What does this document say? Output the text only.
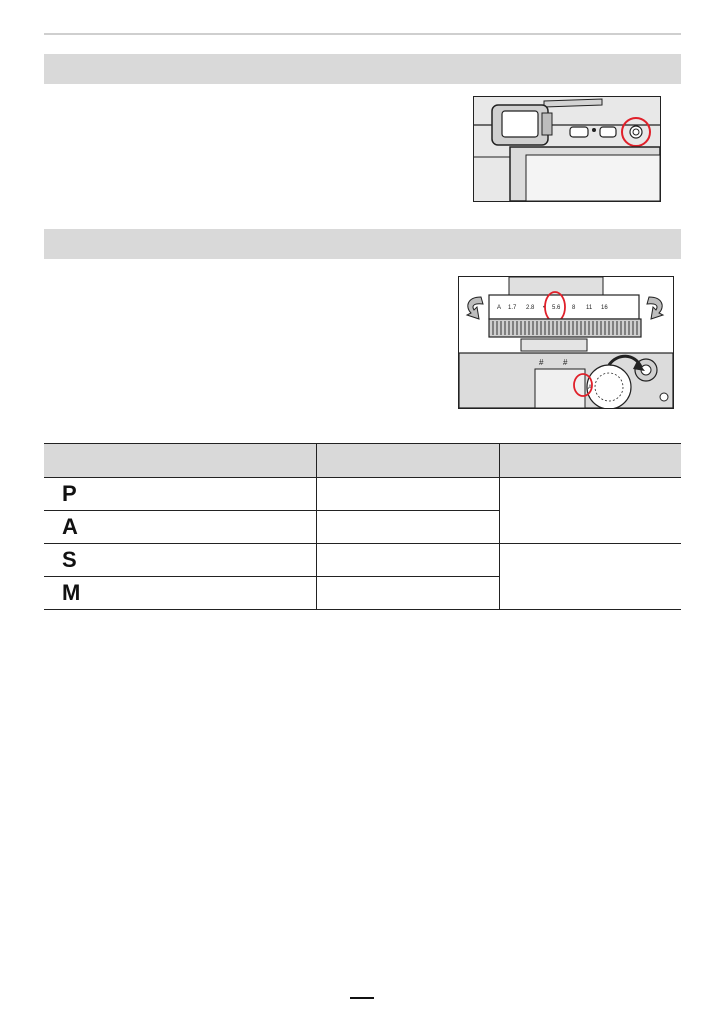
A 1.7 2.8 • 5.6 8 11 16
# #
A

P		
A		
S		
M		
